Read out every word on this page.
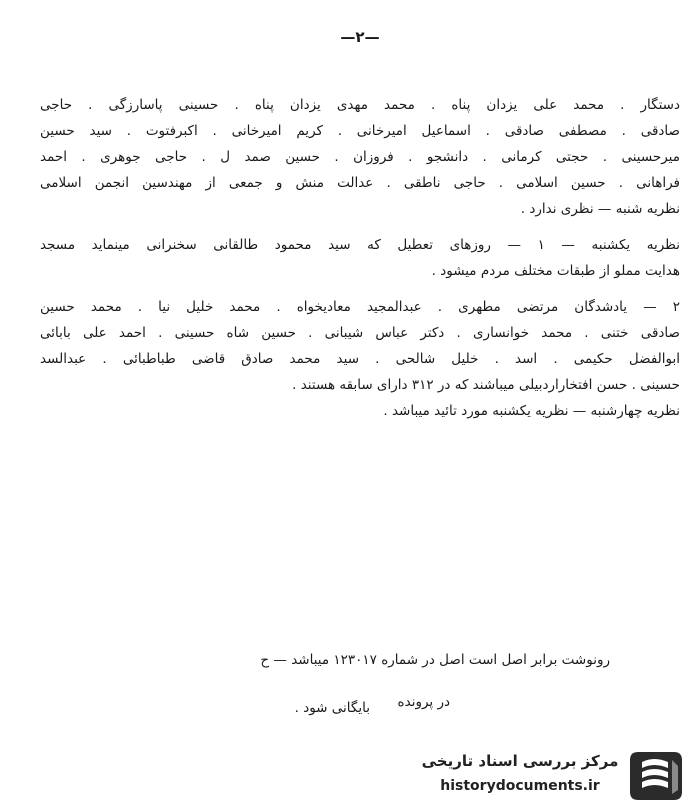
—٢—
دستگار . محمد علی یزدان پناه . محمد مهدی یزدان پناه . حسینی پاسارزگی . حاجی
صادقی . مصطفی صادقی . اسماعیل امیرخانی . کریم امیرخانی . اکبرفتوت . سید حسین
میرحسینی . حجتی کرمانی . دانشجو . فروزان . حسین صمد ل . حاجی جوهری . احمد
فراهانی . حسین اسلامی . حاجی ناطقی . عدالت منش و جمعی از مهندسین انجمن اسلامی
نظریه شنبه — نظری ندارد .
نظریه یکشنبه — ۱ — روزهای تعطیل که سید محمود طالقانی سخنرانی مینماید مسجد
هدایت مملو از طبقات مختلف مردم میشود .
۲ — یادشدگان مرتضی مطهری . عبدالمجید معادیخواه . محمد خلیل نیا . محمد حسین
صادقی ختنی . محمد خوانساری . دکتر عباس شیبانی . حسین شاه حسینی . احمد علی بابائی
ابوالفضل حکیمی . اسد . خلیل شالحی . سید محمد صادق قاضی طباطبائی . عبدالسد
حسینی . حسن افتخاراردبیلی میباشند که در ۳۱۲ دارای سابقه هستند .
نظریه چهارشنبه — نظریه یکشنبه مورد تائید میباشد .
رونوشت برابر اصل است اصل در شماره ۱۲۳۰۱۷ میباشد — ح
در پرونده
بایگانی شود .
مرکز بررسی اسناد تاریخی
historydocuments.ir
